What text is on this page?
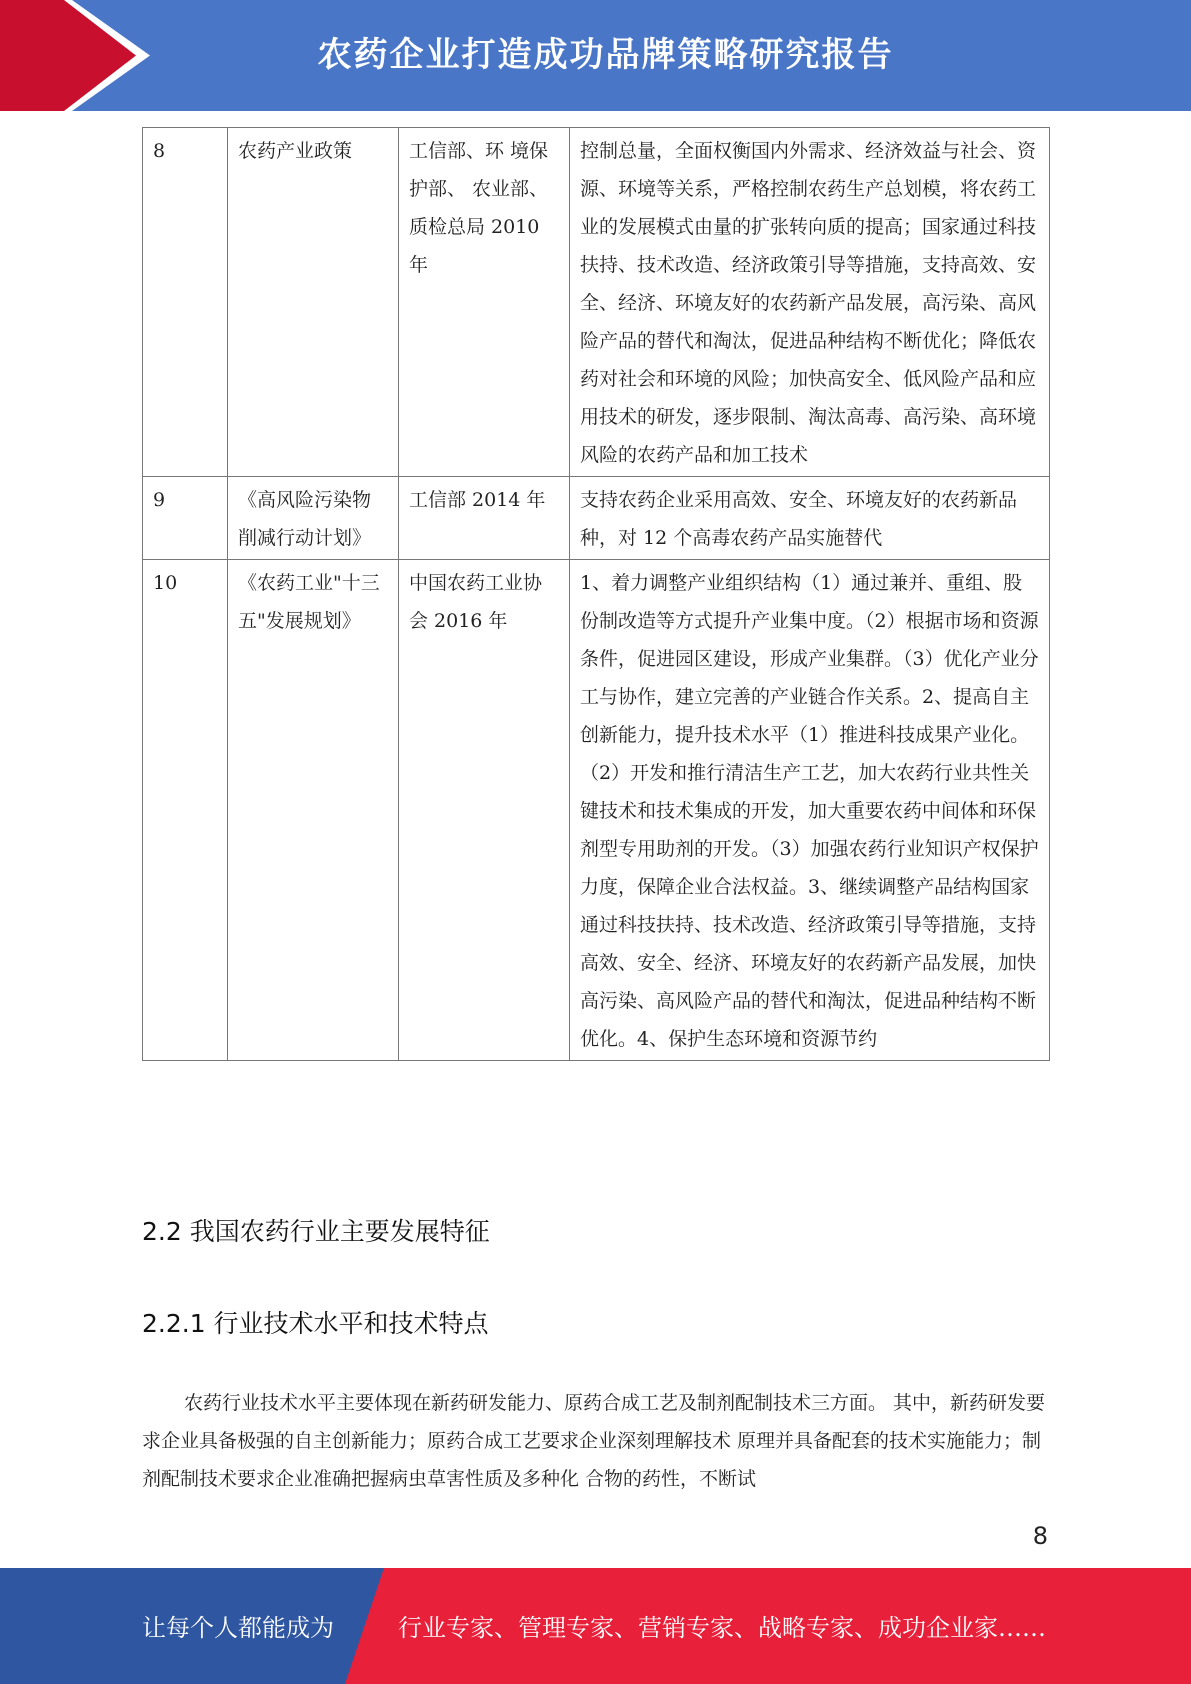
农药企业打造成功品牌策略研究报告
8	农药产业政策	工信部、环 境保护部、 农业部、质检总局 2010 年	控制总量，全面权衡国内外需求、经济效益与社会、资源、环境等关系，严格控制农药生产总划模，将农药工业的发展模式由量的扩张转向质的提高；国家通过科技扶持、技术改造、经济政策引导等措施，支持高效、安全、经济、环境友好的农药新产品发展，高污染、高风险产品的替代和淘汰，促进品种结构不断优化；降低农药对社会和环境的风险；加快高安全、低风险产品和应用技术的研发，逐步限制、淘汰高毒、高污染、高环境风险的农药产品和加工技术
9	《高风险污染物削减行动计划》	工信部 2014 年	支持农药企业采用高效、安全、环境友好的农药新品种，对 12 个高毒农药产品实施替代
10	《农药工业"十三五"发展规划》	中国农药工业协会 2016 年	1、着力调整产业组织结构（1）通过兼并、重组、股份制改造等方式提升产业集中度。（2）根据市场和资源条件，促进园区建设，形成产业集群。（3）优化产业分工与协作，建立完善的产业链合作关系。2、提高自主创新能力，提升技术水平（1）推进科技成果产业化。（2）开发和推行清洁生产工艺，加大农药行业共性关键技术和技术集成的开发，加大重要农药中间体和环保剂型专用助剂的开发。（3）加强农药行业知识产权保护力度，保障企业合法权益。3、继续调整产品结构国家通过科技扶持、技术改造、经济政策引导等措施，支持高效、安全、经济、环境友好的农药新产品发展，加快高污染、高风险产品的替代和淘汰，促进品种结构不断优化。4、保护生态环境和资源节约
2.2 我国农药行业主要发展特征
2.2.1 行业技术水平和技术特点
农药行业技术水平主要体现在新药研发能力、原药合成工艺及制剂配制技术三方面。 其中，新药研发要求企业具备极强的自主创新能力；原药合成工艺要求企业深刻理解技术 原理并具备配套的技术实施能力；制剂配制技术要求企业准确把握病虫草害性质及多种化 合物的药性，不断试
8
让每个人都能成为	行业专家、管理专家、营销专家、战略专家、成功企业家……
